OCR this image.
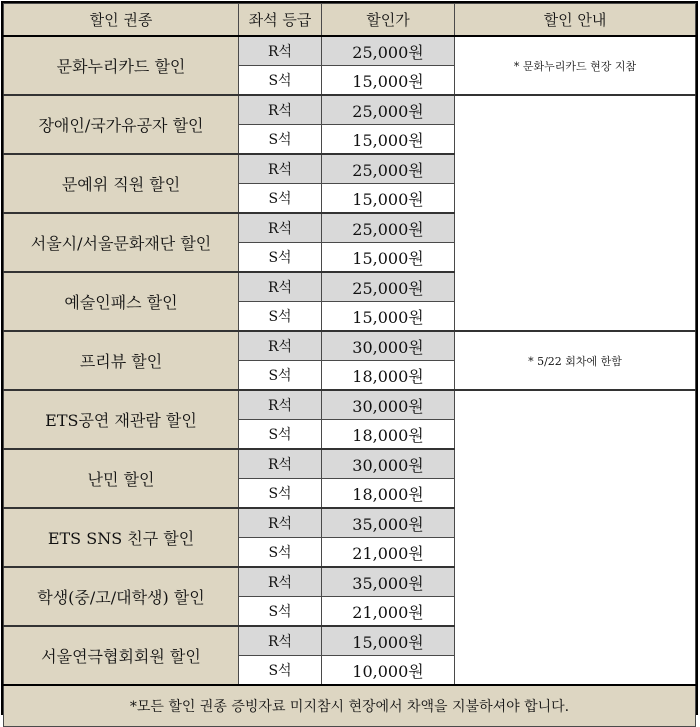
할인 권종	좌석 등급	할인가	할인 안내
문화누리카드 할인	R석	25,000원	* 문화누리카드 현장 지참
	S석	15,000원	
장애인/국가유공자 할인	R석	25,000원	
	S석	15,000원	
문예위 직원 할인	R석	25,000원	
	S석	15,000원	
서울시/서울문화재단 할인	R석	25,000원	
	S석	15,000원	
예술인패스 할인	R석	25,000원	
	S석	15,000원	
프리뷰 할인	R석	30,000원	* 5/22 회차에 한함
	S석	18,000원	
ETS공연 재관람 할인	R석	30,000원	
	S석	18,000원	
난민 할인	R석	30,000원	
	S석	18,000원	
ETS SNS 친구 할인	R석	35,000원	
	S석	21,000원	
학생(중/고/대학생) 할인	R석	35,000원	
	S석	21,000원	
서울연극협회회원 할인	R석	15,000원	
	S석	10,000원	
*모든 할인 권종 증빙자료 미지참시 현장에서 차액을 지불하셔야 합니다.			
